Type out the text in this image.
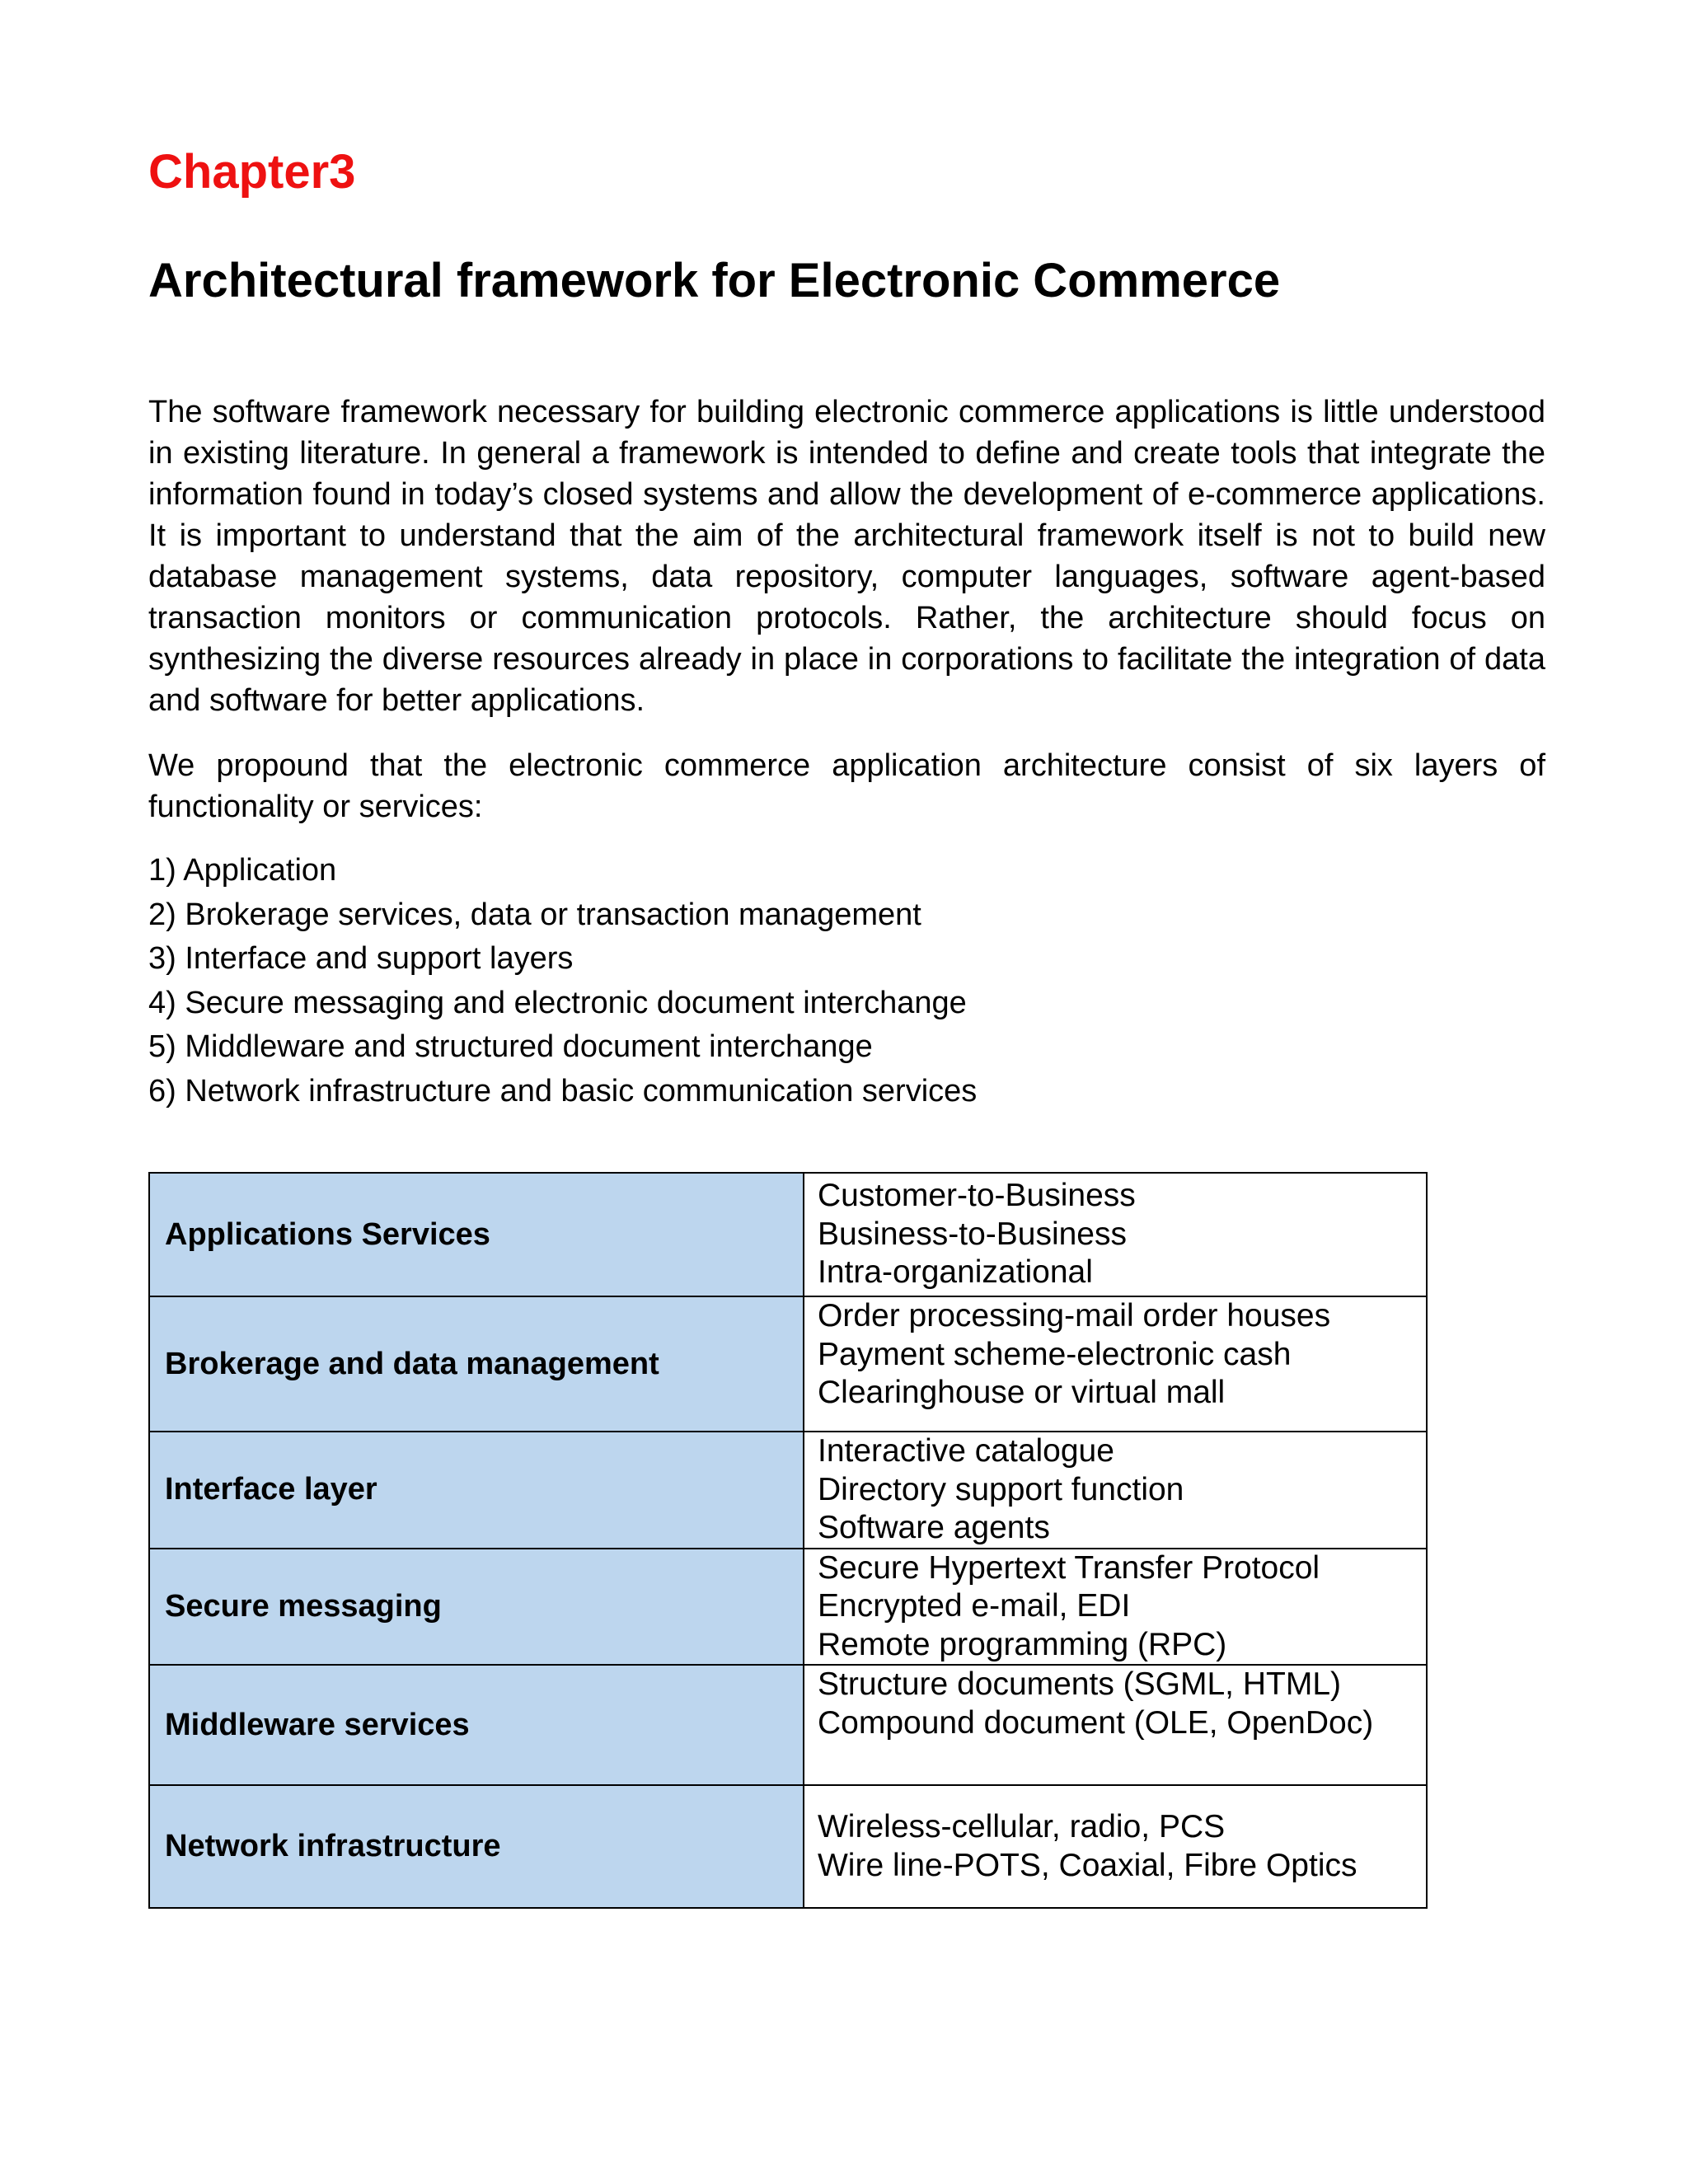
Chapter3
Architectural framework for Electronic Commerce

The software framework necessary for building electronic commerce applications is little understood in existing literature. In general a framework is intended to define and create tools that integrate the information found in today’s closed systems and allow the development of e-commerce applications. It is important to understand that the aim of the architectural framework itself is not to build new database management systems, data repository, computer languages, software agent-based transaction monitors or communication protocols. Rather, the architecture should focus on synthesizing the diverse resources already in place in corporations to facilitate the integration of data and software for better applications.

We propound that the electronic commerce application architecture consist of six layers of functionality or services:

1) Application
2) Brokerage services, data or transaction management
3) Interface and support layers
4) Secure messaging and electronic document interchange
5) Middleware and structured document interchange
6) Network infrastructure and basic communication services
Applications Services	Customer-to-Business
Business-to-Business
Intra-organizational

Brokerage and data management	Order processing-mail order houses
Payment scheme-electronic cash
Clearinghouse or virtual mall

Interface layer	Interactive catalogue
Directory support function
Software agents

Secure messaging	Secure Hypertext Transfer Protocol
Encrypted e-mail, EDI
Remote programming (RPC)

Middleware services	Structure documents (SGML, HTML)
Compound document (OLE, OpenDoc)

Network infrastructure	Wireless-cellular, radio, PCS
Wire line-POTS, Coaxial, Fibre Optics
